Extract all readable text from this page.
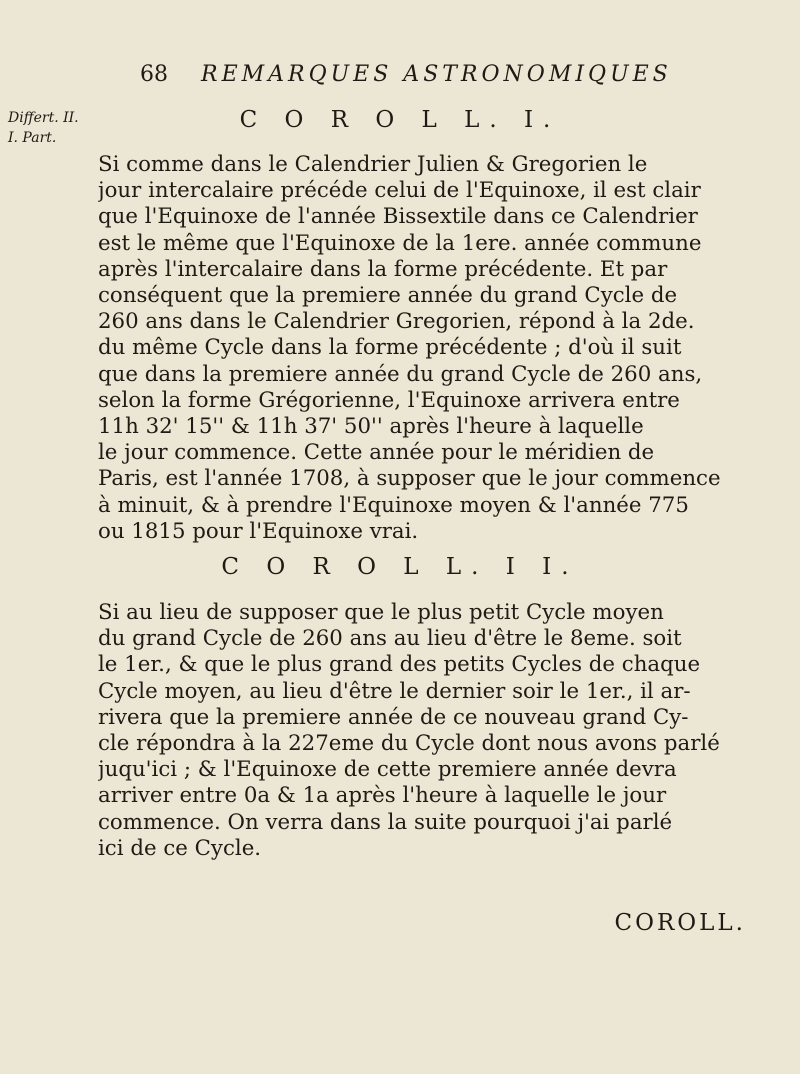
68 REMARQUES ASTRONOMIQUES
Differt. II.
I. Part.
C O R O L L. I.
Si comme dans le Calendrier Julien & Gregorien le
jour intercalaire précéde celui de l'Equinoxe, il est clair
que l'Equinoxe de l'année Bissextile dans ce Calendrier
est le même que l'Equinoxe de la 1ere. année commune
après l'intercalaire dans la forme précédente. Et par
conséquent que la premiere année du grand Cycle de
260 ans dans le Calendrier Gregorien, répond à la 2de.
du même Cycle dans la forme précédente ; d'où il suit
que dans la premiere année du grand Cycle de 260 ans,
selon la forme Grégorienne, l'Equinoxe arrivera entre
11h 32' 15'' & 11h 37' 50'' après l'heure à laquelle
le jour commence. Cette année pour le méridien de
Paris, est l'année 1708, à supposer que le jour commence
à minuit, & à prendre l'Equinoxe moyen & l'année 775
ou 1815 pour l'Equinoxe vrai.
C O R O L L. I I.
Si au lieu de supposer que le plus petit Cycle moyen
du grand Cycle de 260 ans au lieu d'être le 8eme. soit
le 1er., & que le plus grand des petits Cycles de chaque
Cycle moyen, au lieu d'être le dernier soir le 1er., il ar-
rivera que la premiere année de ce nouveau grand Cy-
cle répondra à la 227eme du Cycle dont nous avons parlé
juqu'ici ; & l'Equinoxe de cette premiere année devra
arriver entre 0a & 1a après l'heure à laquelle le jour
commence. On verra dans la suite pourquoi j'ai parlé
ici de ce Cycle.
COROLL.
